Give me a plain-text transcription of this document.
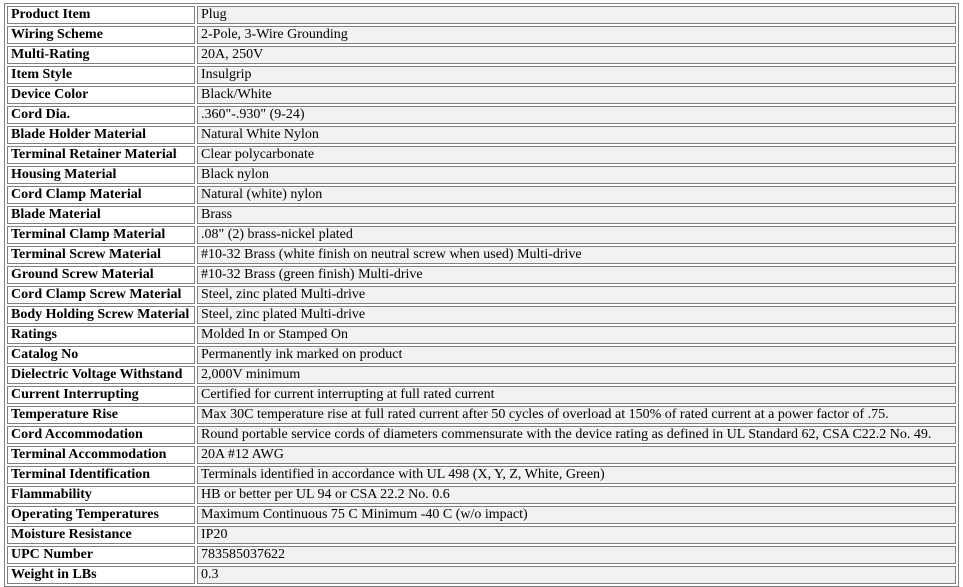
Product Item	Plug
Wiring Scheme	2-Pole, 3-Wire Grounding
Multi-Rating	20A, 250V
Item Style	Insulgrip
Device Color	Black/White
Cord Dia.	.360"-.930" (9-24)
Blade Holder Material	Natural White Nylon
Terminal Retainer Material	Clear polycarbonate
Housing Material	Black nylon
Cord Clamp Material	Natural (white) nylon
Blade Material	Brass
Terminal Clamp Material	.08" (2) brass-nickel plated
Terminal Screw Material	#10-32 Brass (white finish on neutral screw when used) Multi-drive
Ground Screw Material	#10-32 Brass (green finish) Multi-drive
Cord Clamp Screw Material	Steel, zinc plated Multi-drive
Body Holding Screw Material	Steel, zinc plated Multi-drive
Ratings	Molded In or Stamped On
Catalog No	Permanently ink marked on product
Dielectric Voltage Withstand	2,000V minimum
Current Interrupting	Certified for current interrupting at full rated current
Temperature Rise	Max 30C temperature rise at full rated current after 50 cycles of overload at 150% of rated current at a power factor of .75.
Cord Accommodation	Round portable service cords of diameters commensurate with the device rating as defined in UL Standard 62, CSA C22.2 No. 49.
Terminal Accommodation	20A #12 AWG
Terminal Identification	Terminals identified in accordance with UL 498 (X, Y, Z, White, Green)
Flammability	HB or better per UL 94 or CSA 22.2 No. 0.6
Operating Temperatures	Maximum Continuous 75 C Minimum -40 C (w/o impact)
Moisture Resistance	IP20
UPC Number	783585037622
Weight in LBs	0.3
